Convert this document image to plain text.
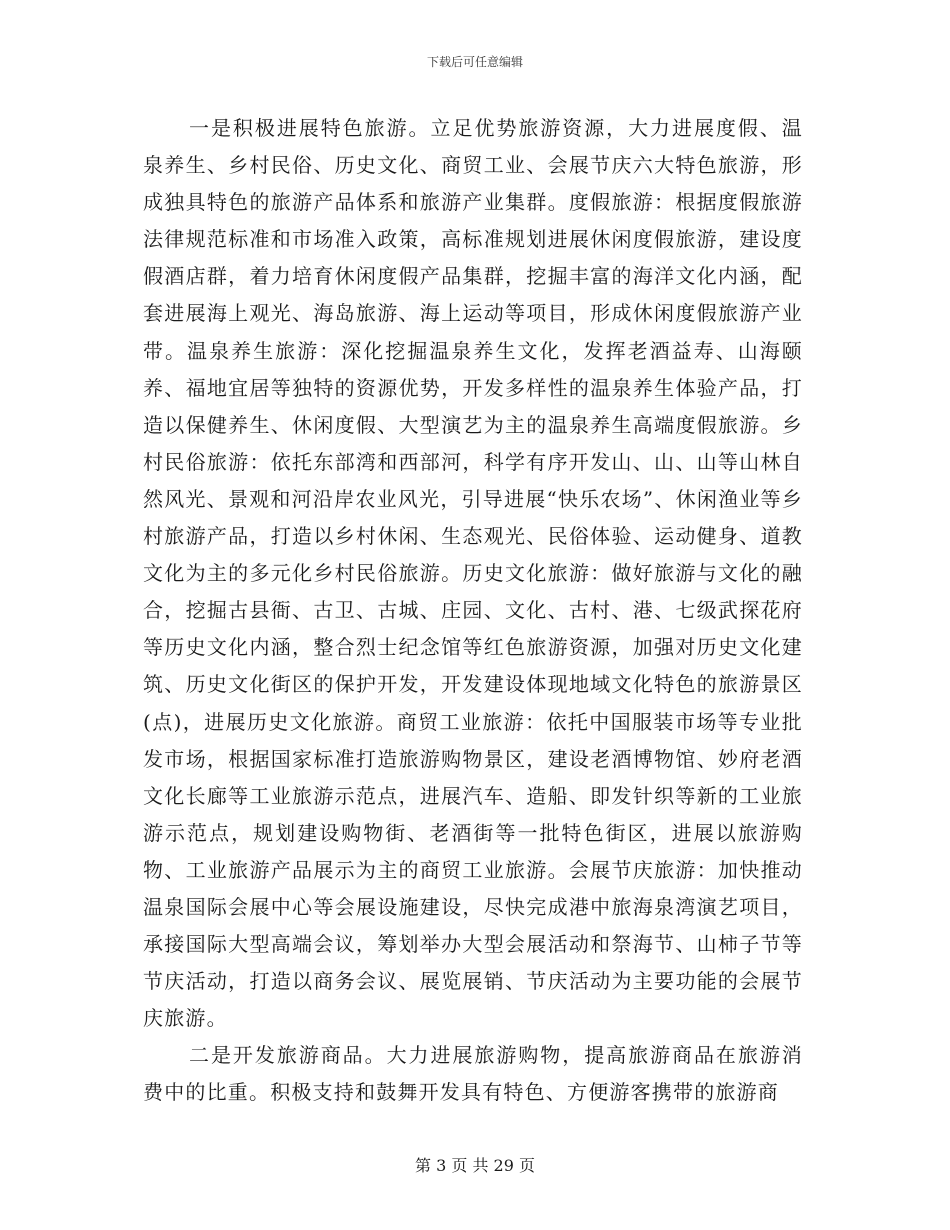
下载后可任意编辑

一是积极进展特色旅游。立足优势旅游资源，大力进展度假、温泉养生、乡村民俗、历史文化、商贸工业、会展节庆六大特色旅游，形成独具特色的旅游产品体系和旅游产业集群。度假旅游：根据度假旅游法律规范标准和市场准入政策，高标准规划进展休闲度假旅游，建设度假酒店群，着力培育休闲度假产品集群，挖掘丰富的海洋文化内涵，配套进展海上观光、海岛旅游、海上运动等项目，形成休闲度假旅游产业带。温泉养生旅游：深化挖掘温泉养生文化，发挥老酒益寿、山海颐养、福地宜居等独特的资源优势，开发多样性的温泉养生体验产品，打造以保健养生、休闲度假、大型演艺为主的温泉养生高端度假旅游。乡村民俗旅游：依托东部湾和西部河，科学有序开发山、山、山等山林自然风光、景观和河沿岸农业风光，引导进展“快乐农场”、休闲渔业等乡村旅游产品，打造以乡村休闲、生态观光、民俗体验、运动健身、道教文化为主的多元化乡村民俗旅游。历史文化旅游：做好旅游与文化的融合，挖掘古县衙、古卫、古城、庄园、文化、古村、港、七级武探花府等历史文化内涵，整合烈士纪念馆等红色旅游资源，加强对历史文化建筑、历史文化街区的保护开发，开发建设体现地域文化特色的旅游景区(点)，进展历史文化旅游。商贸工业旅游：依托中国服装市场等专业批发市场，根据国家标准打造旅游购物景区，建设老酒博物馆、妙府老酒文化长廊等工业旅游示范点，进展汽车、造船、即发针织等新的工业旅游示范点，规划建设购物街、老酒街等一批特色街区，进展以旅游购物、工业旅游产品展示为主的商贸工业旅游。会展节庆旅游：加快推动温泉国际会展中心等会展设施建设，尽快完成港中旅海泉湾演艺项目，承接国际大型高端会议，筹划举办大型会展活动和祭海节、山柿子节等节庆活动，打造以商务会议、展览展销、节庆活动为主要功能的会展节庆旅游。

二是开发旅游商品。大力进展旅游购物，提高旅游商品在旅游消费中的比重。积极支持和鼓舞开发具有特色、方便游客携带的旅游商

第 3 页 共 29 页
